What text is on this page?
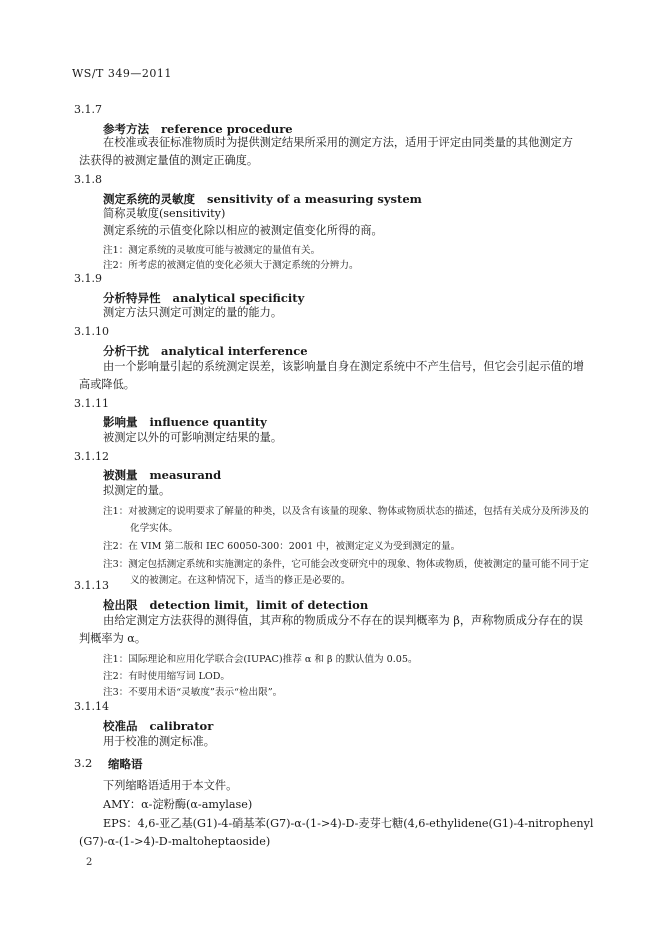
WS/T 349—2011
3.1.7
参考方法 reference procedure
在校准或表征标准物质时为提供测定结果所采用的测定方法，适用于评定由同类量的其他测定方
法获得的被测定量值的测定正确度。
3.1.8
测定系统的灵敏度 sensitivity of a measuring system
简称灵敏度(sensitivity)
测定系统的示值变化除以相应的被测定值变化所得的商。
注1：测定系统的灵敏度可能与被测定的量值有关。
注2：所考虑的被测定值的变化必须大于测定系统的分辨力。
3.1.9
分析特异性 analytical specificity
测定方法只测定可测定的量的能力。
3.1.10
分析干扰 analytical interference
由一个影响量引起的系统测定误差，该影响量自身在测定系统中不产生信号，但它会引起示值的增
高或降低。
3.1.11
影响量 influence quantity
被测定以外的可影响测定结果的量。
3.1.12
被测量 measurand
拟测定的量。
注1：对被测定的说明要求了解量的种类，以及含有该量的现象、物体或物质状态的描述，包括有关成分及所涉及的
化学实体。
注2：在 VIM 第二版和 IEC 60050-300：2001 中，被测定定义为受到测定的量。
注3：测定包括测定系统和实施测定的条件，它可能会改变研究中的现象、物体或物质，使被测定的量可能不同于定
义的被测定。在这种情况下，适当的修正是必要的。
3.1.13
检出限 detection limit，limit of detection
由给定测定方法获得的测得值，其声称的物质成分不存在的误判概率为 β，声称物质成分存在的误
判概率为 α。
注1：国际理论和应用化学联合会(IUPAC)推荐 α 和 β 的默认值为 0.05。
注2：有时使用缩写词 LOD。
注3：不要用术语“灵敏度”表示“检出限”。
3.1.14
校准品 calibrator
用于校准的测定标准。
3.2 缩略语
下列缩略语适用于本文件。
AMY：α-淀粉酶(α-amylase)
EPS：4,6-亚乙基(G1)-4-硝基苯(G7)-α-(1->4)-D-麦芽七糖(4,6-ethylidene(G1)-4-nitrophenyl
(G7)-α-(1->4)-D-maltoheptaoside)
2
